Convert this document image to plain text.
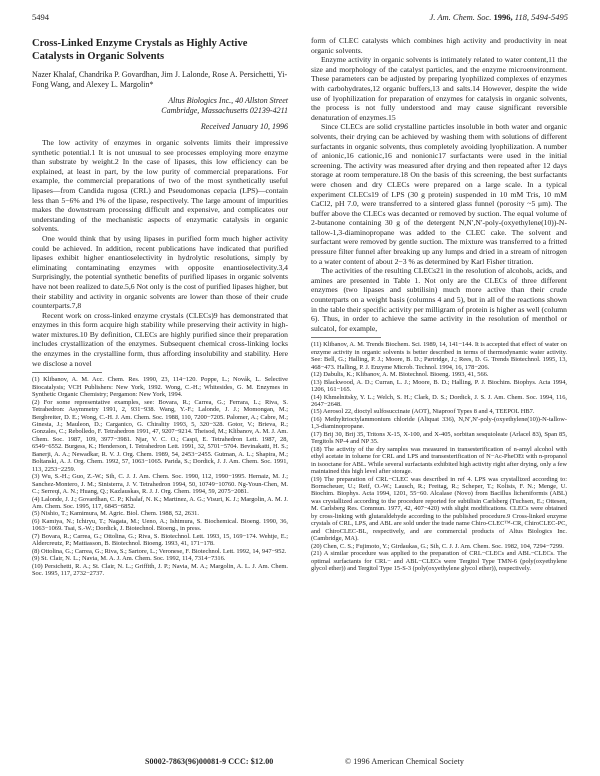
5494	J. Am. Chem. Soc. 1996, 118, 5494-5495
Cross-Linked Enzyme Crystals as Highly Active Catalysts in Organic Solvents
Nazer Khalaf, Chandrika P. Govardhan, Jim J. Lalonde, Rose A. Persichetti, Yi-Fong Wang, and Alexey L. Margolin*
Altus Biologics Inc., 40 Allston Street
Cambridge, Massachusetts 02139-4211
Received January 10, 1996

The low activity of enzymes in organic solvents limits their impressive synthetic potential.1 It is not unusual to see processes employing more enzyme than substrate by weight.2 In the case of lipases, this low efficiency can be explained, at least in part, by the low purity of commercial preparations. For example, the commercial preparations of two of the most synthetically useful lipases—from Candida rugosa (CRL) and Pseudomonas cepacia (LPS)—contain less than 5−6% and 1% of the lipase, respectively. The large amount of impurities makes the downstream processing difficult and expensive, and complicates our understanding of the mechanistic aspects of enzymatic catalysis in organic solvents.

One would think that by using lipases in purified form much higher activity could be achieved. In addition, recent publications have indicated that purified lipases exhibit higher enantioselectivity in hydrolytic resolutions, simply by eliminating contaminating enzymes with opposite enantioselectivity.3,4 Surprisingly, the potential synthetic benefits of purified lipases in organic solvents have not been realized to date.5,6 Not only is the cost of purified lipases higher, but their stability and activity in organic solvents are lower than those of their crude counterparts.7,8

Recent work on cross-linked enzyme crystals (CLECs)9 has demonstrated that enzymes in this form acquire high stability while preserving their activity in high-water mixtures.10 By definition, CLECs are highly purified since their preparation includes crystallization of the enzymes. Subsequent chemical cross-linking locks the enzymes in the crystalline form, thus affording insolubility and stability. Here we disclose a novel

(1) Klibanov, A. M. Acc. Chem. Res. 1990, 23, 114−120. Poppe, L.; Novák, L. Selective Biocatalysis; VCH Publishers: New York, 1992. Wong, C.-H.; Whitesides, G. M. Enzymes in Synthetic Organic Chemistry; Pergamon: New York, 1994.
(2) For some representative examples, see: Bovara, R.; Carrea, G.; Ferrara, L.; Riva, S. Tetrahedron: Asymmetry 1991, 2, 931−938. Wang, Y.-F.; Lalonde, J. J.; Momongan, M.; Bergbreiter, D. E.; Wong, C.-H. J. Am. Chem. Soc. 1988, 110, 7200−7205. Palomer, A.; Cabre, M.; Ginesta, J.; Mauleon, D.; Carganico, G. Chirality 1993, 5, 320−328. Gotor, V.; Brieva, R.; Gonzales, C.; Rebolledo, F. Tetrahedron 1991, 47, 9207−9214. Theisod, M.; Klibanov, A. M. J. Am. Chem. Soc. 1987, 109, 3977−3981. Njar, V. C. O.; Caspi, E. Tetrahedron Lett. 1987, 28, 6549−6552. Burgess, K.; Henderson, I. Tetrahedron Lett. 1991, 32, 5701−5704. Bevinakatti, H. S.; Banerji, A. A.; Newadkar, R. V. J. Org. Chem. 1989, 54, 2453−2455. Gutman, A. L.; Shapira, M.; Boltanski, A. J. Org. Chem. 1992, 57, 1063−1065. Parida, S.; Dordick, J. J. Am. Chem. Soc. 1991, 113, 2253−2259.
(3) Wu, S.-H.; Guo, Z.-W.; Sih, C. J. J. Am. Chem. Soc. 1990, 112, 1990−1995. Hernaiz, M. J.; Sanchez-Montero, J. M.; Sinisterra, J. V. Tetrahedron 1994, 50, 10749−10760. Ng-Youn-Chen, M. C.; Serreqi, A. N.; Huang, Q.; Kazlauskas, R. J. J. Org. Chem. 1994, 59, 2075−2081.
(4) Lalonde, J. J.; Govardhan, C. P.; Khalaf, N. K.; Martinez, A. G.; Visuri, K. J.; Margolin, A. M. J. Am. Chem. Soc. 1995, 117, 6845−6852.
(5) Nishio, T.; Kamimura, M. Agric. Biol. Chem. 1988, 52, 2631.
(6) Kamiya, N.; Ichiryu, T.; Nagata, M.; Ueno, A.; Ishimura, S. Biochemical. Bioeng. 1990, 36, 1063−1069. Tsai, S.-W.; Dordick, J. Biotechnol. Bioeng., in press.
(7) Bovara, R.; Carrea, G.; Ottolina, G.; Riva, S. Biotechnol. Lett. 1993, 15, 169−174. Wehtje, E.; Aldercreutz, P.; Mattiasson, B. Biotechnol. Bioeng. 1993, 41, 171−178.
(8) Ottolina, G.; Carrea, G.; Riva, S.; Sartore, L.; Veronese, F. Biotechnol. Lett. 1992, 14, 947−952.
(9) St. Clair, N. L.; Navia, M. A. J. Am. Chem. Soc. 1992, 114, 7314−7316.
(10) Persichetti, R. A.; St. Clair, N. L.; Griffith, J. P.; Navia, M. A.; Margolin, A. L. J. Am. Chem. Soc. 1995, 117, 2732−2737.

form of CLEC catalysts which combines high activity and productivity in neat organic solvents.

Enzyme activity in organic solvents is intimately related to water content,11 the size and morphology of the catalyst particles, and the enzyme microenvironment. These parameters can be adjusted by preparing lyophilized complexes of enzymes with carbohydrates,12 organic buffers,13 and salts.14 However, despite the wide use of lyophilization for preparation of enzymes for catalysis in organic solvents, the process is not fully understood and may cause significant reversible denaturation of enzymes.15

Since CLECs are solid crystalline particles insoluble in both water and organic solvents, their drying can be achieved by washing them with solutions of different surfactants in organic solvents, thus completely avoiding lyophilization. A number of anionic,16 cationic,16 and nonionic17 surfactants were used in the initial screening. The activity was measured after drying and then repeated after 12 days storage at room temperature.18 On the basis of this screening, the best surfactants were chosen and dry CLECs were prepared on a large scale. In a typical experiment CLECs19 of LPS (30 g protein) suspended in 10 mM Tris, 10 mM CaCl2, pH 7.0, were transferred to a sintered glass funnel (porosity ~5 μm). The buffer above the CLECs was decanted or removed by suction. The equal volume of 2-butanone containing 30 g of the detergent N,N′,N′-poly-(oxyethylene(10))-N-tallow-1,3-diaminopropane was added to the CLEC cake. The solvent and surfactant were removed by gentle suction. The mixture was transferred to a fritted pressure filter funnel after breaking up any lumps and dried in a stream of nitrogen to a water content of about 2−3 % as determined by Karl Fisher titration.

The activities of the resulting CLECs21 in the resolution of alcohols, acids, and amines are presented in Table 1. Not only are the CLECs of three different enzymes (two lipases and subtilisin) much more active than their crude counterparts on a weight basis (columns 4 and 5), but in all of the reactions shown in the table their specific activity per milligram of protein is higher as well (column 6). Thus, in order to achieve the same activity in the resolution of menthol or sulcatol, for example,

(11) Klibanov, A. M. Trends Biochem. Sci. 1989, 14, 141−144. It is accepted that effect of water on enzyme activity in organic solvents is better described in terms of thermodynamic water activity. See: Bell, G.; Halling, P. J.; Moore, B. D.; Partridge, J.; Rees, D. G. Trends Biotechnol. 1995, 13, 468−473. Halling, P. J. Enzyme Microb. Technol. 1994, 16, 178−206.
(12) Dabulis, K.; Klibanov, A. M. Biotechnol. Bioeng. 1993, 41, 566.
(13) Blackwood, A. D.; Curran, L. J.; Moore, B. D.; Halling, P. J. Biochim. Biophys. Acta 1994, 1206, 161−165.
(14) Khmelnitsky, Y. L.; Welch, S. H.; Clark, D. S.; Dordick, J. S. J. Am. Chem. Soc. 1994, 116, 2647−2648.
(15) Aerosol 22, dioctyl sulfosuccinate (AOT), Niaproof Types 8 and 4, TEEPOL HB7.
(16) Methyltrioctylammonium chloride (Aliquat 336), N,N′,N′-poly-(oxyethylene(10))-N-tallow-1,3-diaminopropane.
(17) Brij 30, Brij 35, Tritons X-15, X-100, and X-405, sorbitan sesquioleate (Arlacel 83), Span 85, Tergitols NP-4 and NP 35.
(18) The activity of the dry samples was measured in transesterification of n-amyl alcohol with ethyl acetate in toluene for CRL and LPS and transesterification of N−Ac-PheOEt with n-propanol in isooctane for ABL. While several surfactants exhibited high activity right after drying, only a few maintained this high level after storage.
(19) The preparation of CRL−CLEC was described in ref 4. LPS was crystallized according to: Bornscheuer, U.; Reif, O.-W.; Lausch, R.; Freitag, R.; Scheper, T.; Kolisis, F. N.; Menge, U. Biochim. Biophys. Acta 1994, 1201, 55−60. Alcalase (Novo) from Bacillus licheniformis (ABL) was crystallized according to the procedure reported for subtilisin Carlsberg (Tuchsen, E.; Ottesen, M. Carlsberg Res. Commun. 1977, 42, 407−420) with slight modifications. CLECs were obtained by cross-linking with glutaraldehyde according to the published procedure.9 Cross-linked enzyme crystals of CRL, LPS, and ABL are sold under the trade name Chiro-CLEC™-CR, ChiroCLEC-PC, and ChiroCLEC-BL, respectively, and are commercial products of Altus Biologics Inc. (Cambridge, MA).
(20) Chen, C. S.; Fujimoto, Y.; Girdaukas, G.; Sih, C. J. J. Am. Chem. Soc. 1982, 104, 7294−7299.
(21) A similar procedure was applied to the preparation of CRL−CLECs and ABL−CLECs. The optimal surfactants for CRL− and ABL−CLECs were Tergitol Type TMN-6 (poly(oxyethylene glycol ether)) and Tergitol Type 15-S-3 (poly(oxyethylene glycol ether)), respectively.
S0002-7863(96)00081-9 CCC: $12.00	© 1996 American Chemical Society
